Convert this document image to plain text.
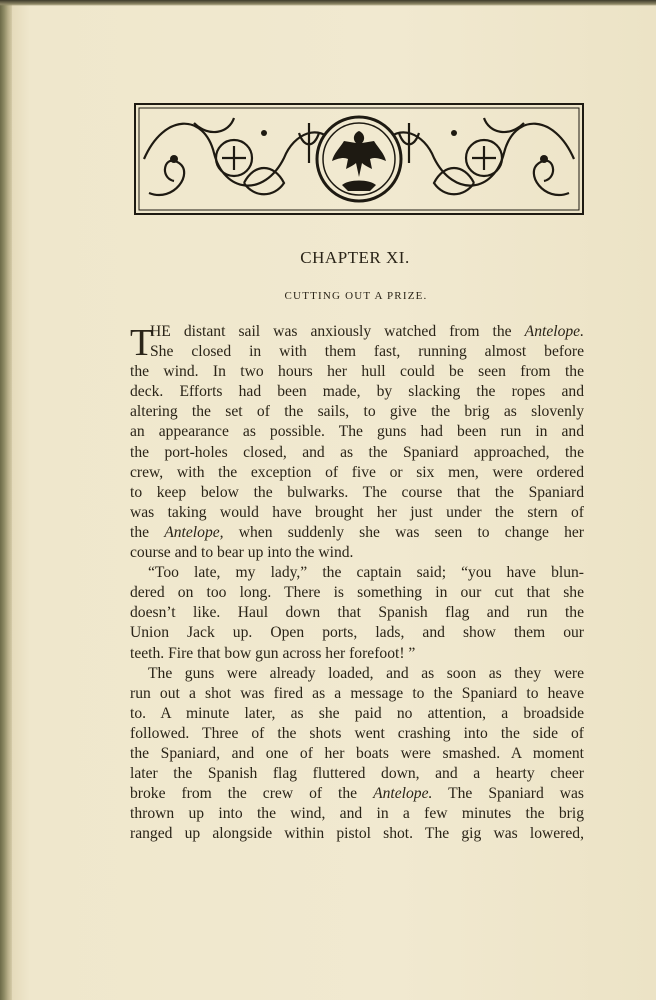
CHAPTER XI.
CUTTING OUT A PRIZE.
T
HE distant sail was anxiously watched from the Antelope.
She closed in with them fast, running almost before
the wind. In two hours her hull could be seen from the
deck. Efforts had been made, by slacking the ropes and
altering the set of the sails, to give the brig as slovenly
an appearance as possible. The guns had been run in and
the port-holes closed, and as the Spaniard approached, the
crew, with the exception of five or six men, were ordered
to keep below the bulwarks. The course that the Spaniard
was taking would have brought her just under the stern of
the Antelope, when suddenly she was seen to change her
course and to bear up into the wind.
“Too late, my lady,” the captain said; “you have blun-
dered on too long. There is something in our cut that she
doesn’t like. Haul down that Spanish flag and run the
Union Jack up. Open ports, lads, and show them our
teeth. Fire that bow gun across her forefoot! ”
The guns were already loaded, and as soon as they were
run out a shot was fired as a message to the Spaniard to heave
to. A minute later, as she paid no attention, a broadside
followed. Three of the shots went crashing into the side of
the Spaniard, and one of her boats were smashed. A moment
later the Spanish flag fluttered down, and a hearty cheer
broke from the crew of the Antelope. The Spaniard was
thrown up into the wind, and in a few minutes the brig
ranged up alongside within pistol shot. The gig was lowered,
